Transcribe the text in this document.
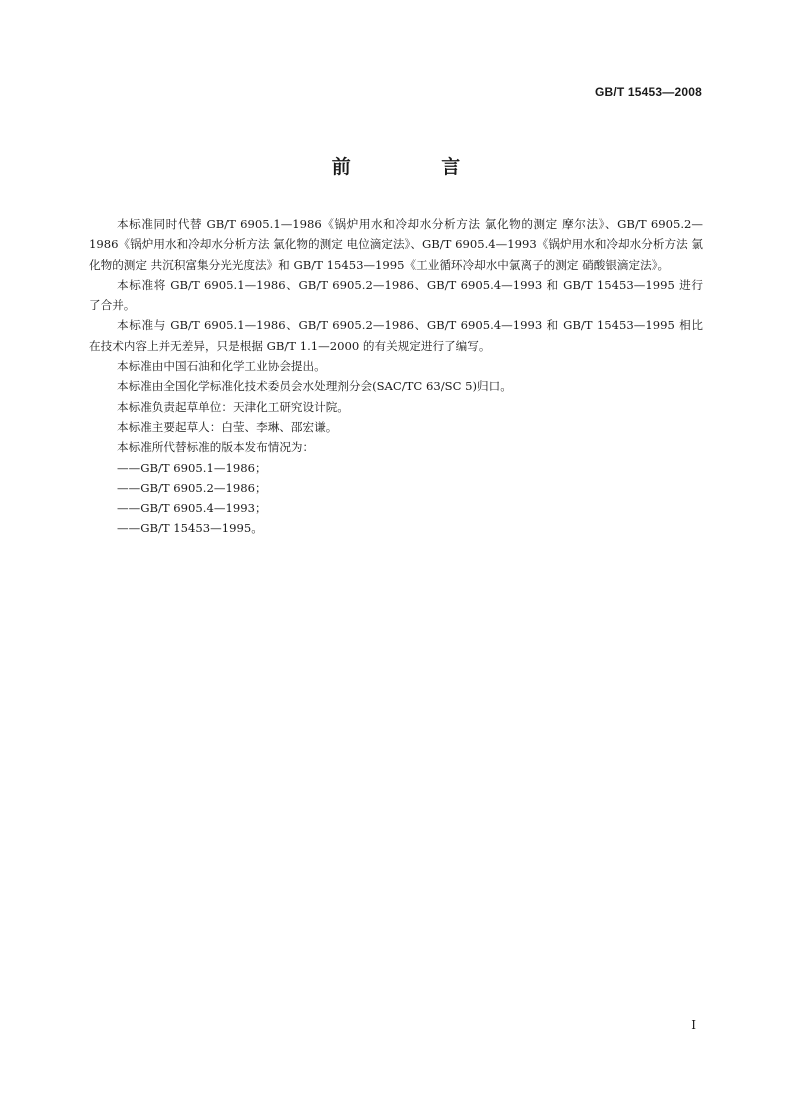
GB/T 15453—2008
前 言

本标准同时代替 GB/T 6905.1—1986《锅炉用水和冷却水分析方法 氯化物的测定 摩尔法》、GB/T 6905.2—1986《锅炉用水和冷却水分析方法 氯化物的测定 电位滴定法》、GB/T 6905.4—1993《锅炉用水和冷却水分析方法 氯化物的测定 共沉积富集分光光度法》和 GB/T 15453—1995《工业循环冷却水中氯离子的测定 硝酸银滴定法》。

本标准将 GB/T 6905.1—1986、GB/T 6905.2—1986、GB/T 6905.4—1993 和 GB/T 15453—1995 进行了合并。

本标准与 GB/T 6905.1—1986、GB/T 6905.2—1986、GB/T 6905.4—1993 和 GB/T 15453—1995 相比在技术内容上并无差异，只是根据 GB/T 1.1—2000 的有关规定进行了编写。

本标准由中国石油和化学工业协会提出。

本标准由全国化学标准化技术委员会水处理剂分会(SAC/TC 63/SC 5)归口。

本标准负责起草单位：天津化工研究设计院。

本标准主要起草人：白莹、李琳、邵宏谦。

本标准所代替标准的版本发布情况为：

——GB/T 6905.1—1986；

——GB/T 6905.2—1986；

——GB/T 6905.4—1993；

——GB/T 15453—1995。

I
